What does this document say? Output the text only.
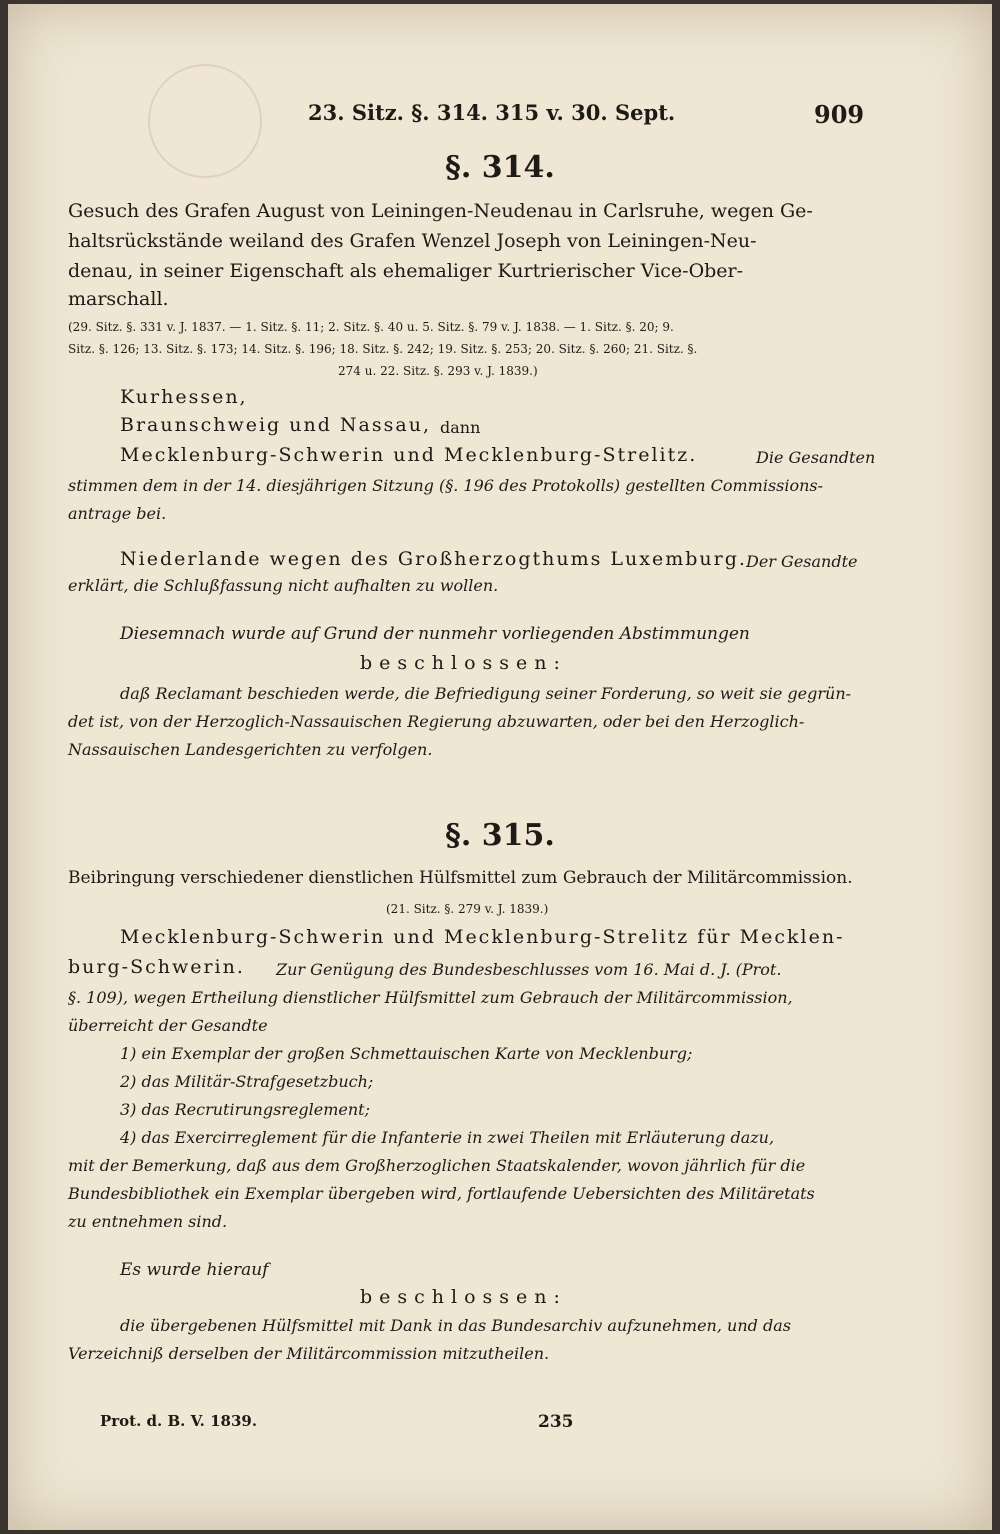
23. Sitz. §. 314. 315 v. 30. Sept.	909
§. 314.
Gesuch des Grafen August von Leiningen-Neudenau in Carlsruhe, wegen Ge-
haltsrückstände weiland des Grafen Wenzel Joseph von Leiningen-Neu-
denau, in seiner Eigenschaft als ehemaliger Kurtrierischer Vice-Ober-
marschall.
(29. Sitz. §. 331 v. J. 1837. — 1. Sitz. §. 11; 2. Sitz. §. 40 u. 5. Sitz. §. 79 v. J. 1838. — 1. Sitz. §. 20; 9.
Sitz. §. 126; 13. Sitz. §. 173; 14. Sitz. §. 196; 18. Sitz. §. 242; 19. Sitz. §. 253; 20. Sitz. §. 260; 21. Sitz. §.
274 u. 22. Sitz. §. 293 v. J. 1839.)
Kurhessen,
Braunschweig und Nassau, dann
Mecklenburg-Schwerin und Mecklenburg-Strelitz.	Die Gesandten
stimmen dem in der 14. diesjährigen Sitzung (§. 196 des Protokolls) gestellten Commissions-
antrage bei.
Niederlande wegen des Großherzogthums Luxemburg. Der Gesandte
erklärt, die Schlußfassung nicht aufhalten zu wollen.
Diesemnach wurde auf Grund der nunmehr vorliegenden Abstimmungen
beschlossen:
daß Reclamant beschieden werde, die Befriedigung seiner Forderung, so weit sie gegrün-
det ist, von der Herzoglich-Nassauischen Regierung abzuwarten, oder bei den Herzoglich-
Nassauischen Landesgerichten zu verfolgen.
§. 315.
Beibringung verschiedener dienstlichen Hülfsmittel zum Gebrauch der Militärcommission.
(21. Sitz. §. 279 v. J. 1839.)
Mecklenburg-Schwerin und Mecklenburg-Strelitz für Mecklen-
burg-Schwerin. Zur Genügung des Bundesbeschlusses vom 16. Mai d. J. (Prot.
§. 109), wegen Ertheilung dienstlicher Hülfsmittel zum Gebrauch der Militärcommission,
überreicht der Gesandte
1) ein Exemplar der großen Schmettauischen Karte von Mecklenburg;
2) das Militär-Strafgesetzbuch;
3) das Recrutirungsreglement;
4) das Exercirreglement für die Infanterie in zwei Theilen mit Erläuterung dazu,
mit der Bemerkung, daß aus dem Großherzoglichen Staatskalender, wovon jährlich für die
Bundesbibliothek ein Exemplar übergeben wird, fortlaufende Uebersichten des Militäretats
zu entnehmen sind.
Es wurde hierauf
beschlossen:
die übergebenen Hülfsmittel mit Dank in das Bundesarchiv aufzunehmen, und das
Verzeichniß derselben der Militärcommission mitzutheilen.
Prot. d. B. V. 1839.	235
